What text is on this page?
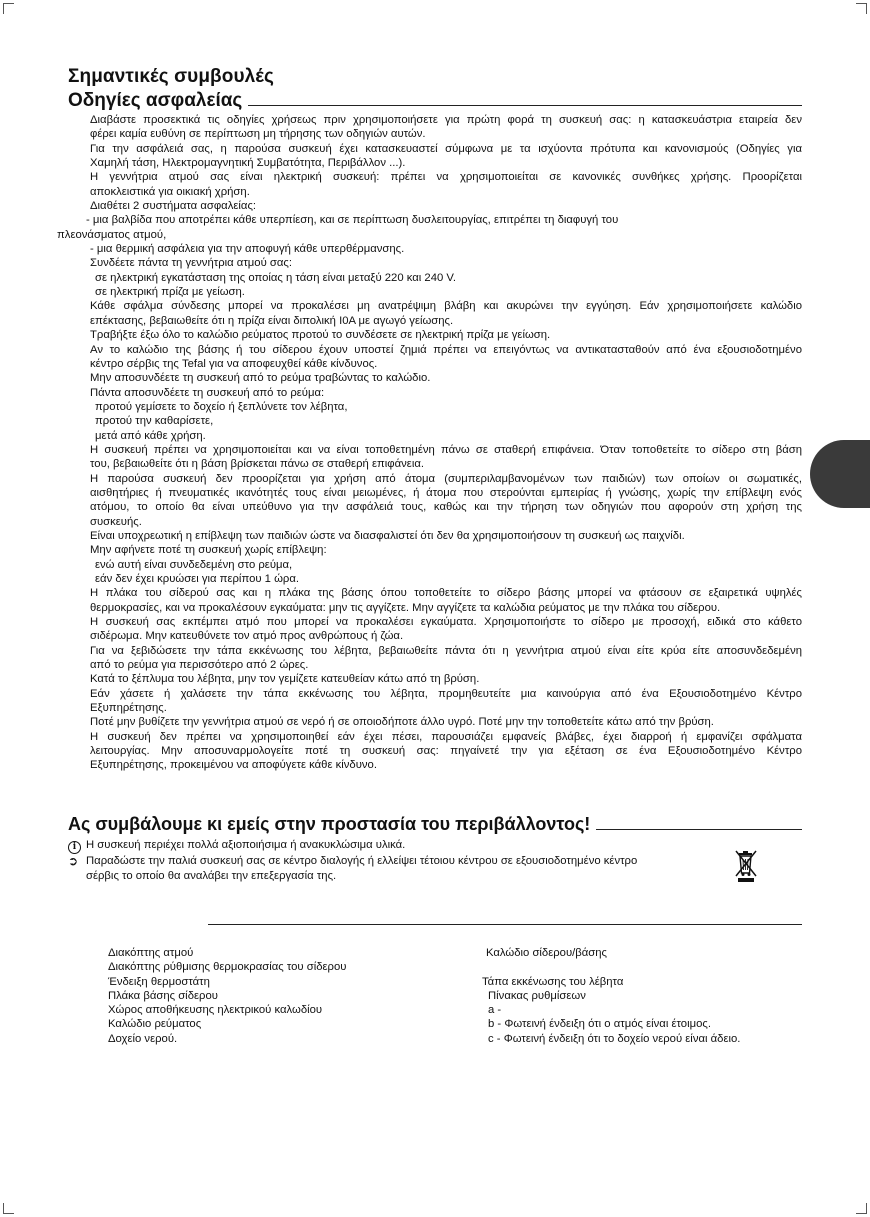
Σημαντικές συμβουλές
Οδηγίες ασφαλείας
Διαβάστε προσεκτικά τις οδηγίες χρήσεως πριν χρησιμοποιήσετε για πρώτη φορά τη συσκευή σας: η κατασκευάστρια εταιρεία δεν
φέρει καμία ευθύνη σε περίπτωση μη τήρησης των οδηγιών αυτών.
Για την ασφάλειά σας, η παρούσα συσκευή έχει κατασκευαστεί σύμφωνα με τα ισχύοντα πρότυπα και κανονισμούς (Οδηγίες για
Χαμηλή τάση, Ηλεκτρομαγνητική Συμβατότητα, Περιβάλλον ...).
Η γεννήτρια ατμού σας είναι ηλεκτρική συσκευή: πρέπει να χρησιμοποιείται σε κανονικές συνθήκες χρήσης. Προορίζεται
αποκλειστικά για οικιακή χρήση.
Διαθέτει 2 συστήματα ασφαλείας:
- μια βαλβίδα που αποτρέπει κάθε υπερπίεση, και σε περίπτωση δυσλειτουργίας, επιτρέπει τη διαφυγή του
πλεονάσματος ατμού,
- μια θερμική ασφάλεια για την αποφυγή κάθε υπερθέρμανσης.
Συνδέετε πάντα τη γεννήτρια ατμού σας:
σε ηλεκτρική εγκατάσταση της οποίας η τάση είναι μεταξύ 220 και 240 V.
σε ηλεκτρική πρίζα με γείωση.
Κάθε σφάλμα σύνδεσης μπορεί να προκαλέσει μη ανατρέψιμη βλάβη και ακυρώνει την εγγύηση. Εάν χρησιμοποιήσετε καλώδιο
επέκτασης, βεβαιωθείτε ότι η πρίζα είναι διπολική Ι0Α με αγωγό γείωσης.
Τραβήξτε έξω όλο το καλώδιο ρεύματος προτού το συνδέσετε σε ηλεκτρική πρίζα με γείωση.
Αν το καλώδιο της βάσης ή του σίδερου έχουν υποστεί ζημιά πρέπει να επειγόντως να αντικατασταθούν από ένα εξουσιοδοτημένο
κέντρο σέρβις της Tefal για να αποφευχθεί κάθε κίνδυνος.
Μην αποσυνδέετε τη συσκευή από το ρεύμα τραβώντας το καλώδιο.
Πάντα αποσυνδέετε τη συσκευή από το ρεύμα:
προτού γεμίσετε το δοχείο ή ξεπλύνετε τον λέβητα,
προτού την καθαρίσετε,
μετά από κάθε χρήση.
Η συσκευή πρέπει να χρησιμοποιείται και να είναι τοποθετημένη πάνω σε σταθερή επιφάνεια. Όταν τοποθετείτε το σίδερο στη βάση
του, βεβαιωθείτε ότι η βάση βρίσκεται πάνω σε σταθερή επιφάνεια.
Η παρούσα συσκευή δεν προορίζεται για χρήση από άτομα (συμπεριλαμβανομένων των παιδιών) των οποίων οι σωματικές,
αισθητήριες ή πνευματικές ικανότητές τους είναι μειωμένες, ή άτομα που στερούνται εμπειρίας ή γνώσης, χωρίς την επίβλεψη ενός
ατόμου, το οποίο θα είναι υπεύθυνο για την ασφάλειά τους, καθώς και την τήρηση των οδηγιών που αφορούν στη χρήση της
συσκευής.
Είναι υποχρεωτική η επίβλεψη των παιδιών ώστε να διασφαλιστεί ότι δεν θα χρησιμοποιήσουν τη συσκευή ως παιχνίδι.
Μην αφήνετε ποτέ τη συσκευή χωρίς επίβλεψη:
ενώ αυτή είναι συνδεδεμένη στο ρεύμα,
εάν δεν έχει κρυώσει για περίπου 1 ώρα.
Η πλάκα του σίδερού σας και η πλάκα της βάσης όπου τοποθετείτε το σίδερο βάσης μπορεί να φτάσουν σε εξαιρετικά υψηλές
θερμοκρασίες, και να προκαλέσουν εγκαύματα: μην τις αγγίζετε. Μην αγγίζετε τα καλώδια ρεύματος με την πλάκα του σίδερου.
Η συσκευή σας εκπέμπει ατμό που μπορεί να προκαλέσει εγκαύματα. Χρησιμοποιήστε το σίδερο με προσοχή, ειδικά στο κάθετο
σιδέρωμα. Μην κατευθύνετε τον ατμό προς ανθρώπους ή ζώα.
Για να ξεβιδώσετε την τάπα εκκένωσης του λέβητα, βεβαιωθείτε πάντα ότι η γεννήτρια ατμού είναι είτε κρύα είτε αποσυνδεδεμένη
από το ρεύμα για περισσότερο από 2 ώρες.
Κατά το ξέπλυμα του λέβητα, μην τον γεμίζετε κατευθείαν κάτω από τη βρύση.
Εάν χάσετε ή χαλάσετε την τάπα εκκένωσης του λέβητα, προμηθευτείτε μια καινούργια από ένα Εξουσιοδοτημένο Κέντρο
Εξυπηρέτησης.
Ποτέ μην βυθίζετε την γεννήτρια ατμού σε νερό ή σε οποιοδήποτε άλλο υγρό. Ποτέ μην την τοποθετείτε κάτω από την βρύση.
Η συσκευή δεν πρέπει να χρησιμοποιηθεί εάν έχει πέσει, παρουσιάζει εμφανείς βλάβες, έχει διαρροή ή εμφανίζει σφάλματα
λειτουργίας. Μην αποσυναρμολογείτε ποτέ τη συσκευή σας: πηγαίνετέ την για εξέταση σε ένα Εξουσιοδοτημένο Κέντρο
Εξυπηρέτησης, προκειμένου να αποφύγετε κάθε κίνδυνο.
Ας συμβάλουμε κι εμείς στην προστασία του περιβάλλοντος!
i Η συσκευή περιέχει πολλά αξιοποιήσιμα ή ανακυκλώσιμα υλικά.
➲ Παραδώστε την παλιά συσκευή σας σε κέντρο διαλογής ή ελλείψει τέτοιου κέντρου σε εξουσιοδοτημένο κέντρο
σέρβις το οποίο θα αναλάβει την επεξεργασία της.
Διακόπτης ατμού
Διακόπτης ρύθμισης θερμοκρασίας του σίδερου
Ένδειξη θερμοστάτη
Πλάκα βάσης σίδερου
Χώρος αποθήκευσης ηλεκτρικού καλωδίου
Καλώδιο ρεύματος
Δοχείο νερού.
Καλώδιο σίδερου/βάσης
Τάπα εκκένωσης του λέβητα
Πίνακας ρυθμίσεων
a -
b - Φωτεινή ένδειξη ότι ο ατμός είναι έτοιμος.
c - Φωτεινή ένδειξη ότι το δοχείο νερού είναι άδειο.
